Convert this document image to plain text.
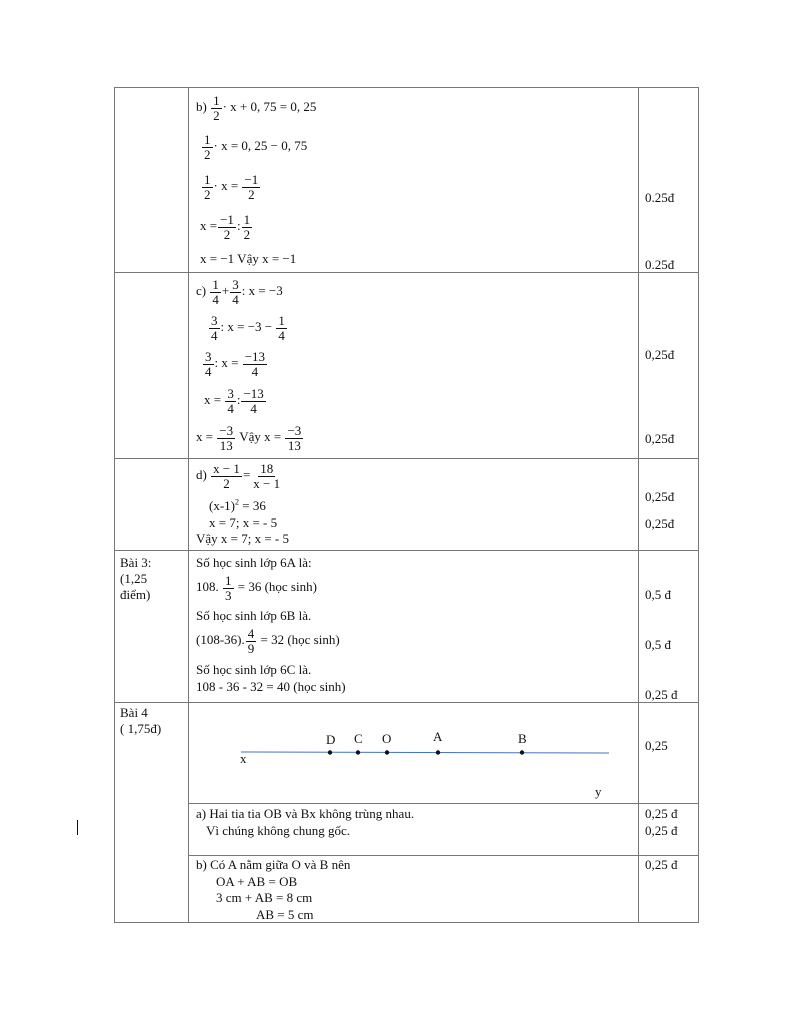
$b) \frac{1}{2} \cdot x + 0$, 75 = 0, 25
$\frac{1}{2} \cdot x = 0$, 25 − 0, 75
$\frac{1}{2} \cdot x = \frac{-1}{2}$
$x = \frac{-1}{2}$ : $\frac{1}{2}$
x = −1 Vậy x = −1
0.25đ
0.25đ
$c) \frac{1}{4} + \frac{3}{4}$ : x = −3
$\frac{3}{4}$ : $x = -3 - \frac{1}{4}$
$\frac{3}{4}$ : $x = \frac{-13}{4}$
$x = \frac{3}{4}$ : $\frac{-13}{4}$
$x = \frac{-3}{13}$ Vậy $x = \frac{-3}{13}$
0,25đ
0,25đ
$d) \frac{x - 1}{2} = \frac{18}{x - 1}$
$(x-1)^2 = 36$
x = 7; x = - 5
Vậy x = 7; x = - 5
0,25đ
0,25đ
Bài 3:
(1,25
điểm)
Số học sinh lớp 6A là:
108. $\frac{1}{3} = 36$ (học sinh)
Số học sinh lớp 6B là.
(108-36). $\frac{4}{9} = 32$ (học sinh)
Số học sinh lớp 6C là.
108 - 36 - 32 = 40 (học sinh)
0,5 đ
0,5 đ
0,25 đ
Bài 4
( 1,75đ)
D C O	A	B
x
y
0,25
a) Hai tia tia OB và Bx không trùng nhau.
Vì chúng không chung gốc.
0,25 đ
0,25 đ
b) Có A nằm giữa O và B nên
OA + AB = OB
3 cm + AB = 8 cm
AB = 5 cm
0,25 đ
